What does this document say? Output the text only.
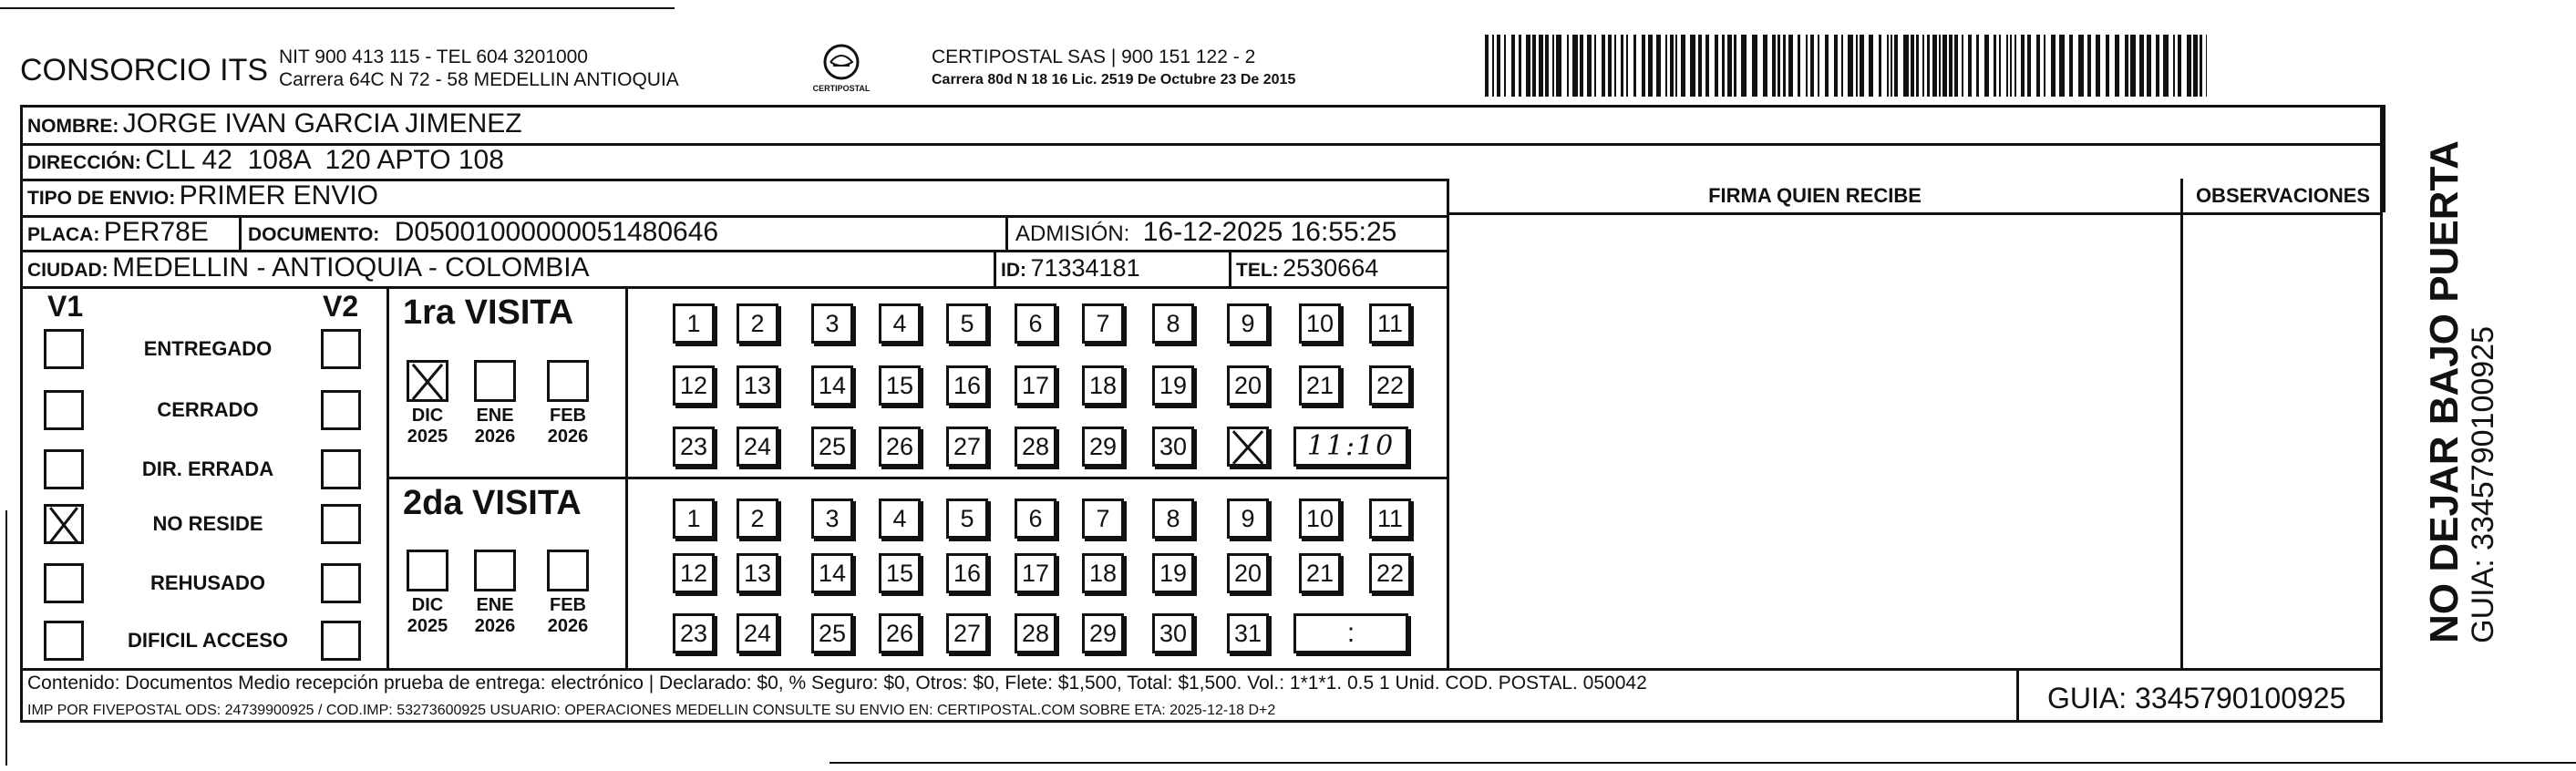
CONSORCIO ITS NIT 900 413 115 - TEL 604 3201000
Carrera 64C N 72 - 58 MEDELLIN ANTIOQUIA	CERTIPOSTAL
CERTIPOSTAL SAS | 900 151 122 - 2
Carrera 80d N 18 16 Lic. 2519 De Octubre 23 De 2015
NOMBRE: JORGE IVAN GARCIA JIMENEZ
DIRECCIÓN: CLL 42  108A  120 APTO 108
TIPO DE ENVIO: PRIMER ENVIO
PLACA: PER78E DOCUMENTO: D05001000000051480646	ADMISIÓN: 16-12-2025 16:55:25
CIUDAD: MEDELLIN - ANTIOQUIA - COLOMBIA	ID: 71334181	TEL: 2530664
FIRMA QUIEN RECIBE	OBSERVACIONES
V1	V2
ENTREGADO
CERRADO
DIR. ERRADA
NO RESIDE
REHUSADO
DIFICIL ACCESO
1ra VISITA
2da VISITA
DIC
2025
ENE
2026
FEB
2026
DIC
2025
ENE
2026
FEB
2026
1	2	3	4	5	6	7	8	9	10	11
12 13 14 15 16 17 18 19 20 21 22
23 24 25 26 27 28 29 30	11:10
1	2	3	4	5	6	7	8	9	10	11
12 13 14 15 16 17 18 19 20 21 22
23 24 25 26 27 28 29 30 31	:
Contenido: Documentos Medio recepción prueba de entrega: electrónico | Declarado: $0, % Seguro: $0, Otros: $0, Flete: $1,500, Total: $1,500. Vol.: 1*1*1. 0.5 1 Unid. COD. POSTAL. 050042
IMP POR FIVEPOSTAL ODS: 24739900925 / COD.IMP: 53273600925 USUARIO: OPERACIONES MEDELLIN CONSULTE SU ENVIO EN: CERTIPOSTAL.COM SOBRE ETA: 2025-12-18 D+2	GUIA: 3345790100925
NO DEJAR BAJO PUERTA GUIA: 3345790100925
